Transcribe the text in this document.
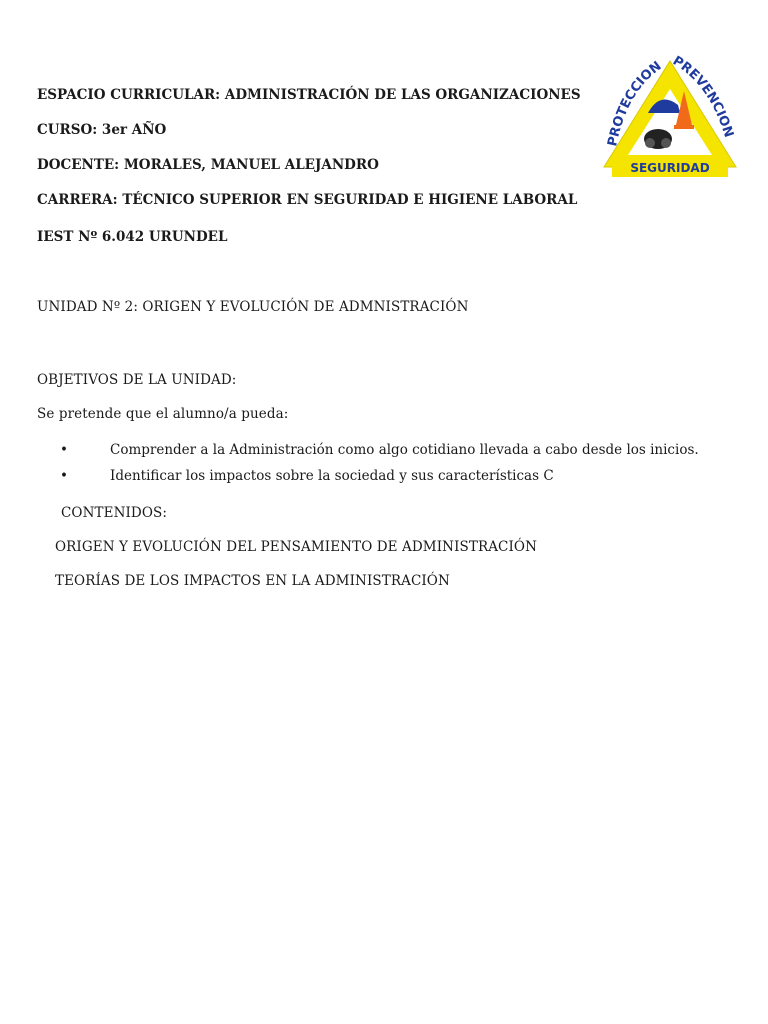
ESPACIO CURRICULAR: ADMINISTRACIÓN DE LAS ORGANIZACIONES
CURSO: 3er AÑO
DOCENTE: MORALES, MANUEL ALEJANDRO
CARRERA: TÉCNICO SUPERIOR EN SEGURIDAD E HIGIENE LABORAL
IEST Nº 6.042 URUNDEL
PROTECCION PREVENCION
SEGURIDAD
UNIDAD Nº 2: ORIGEN Y EVOLUCIÓN DE ADMNISTRACIÓN
OBJETIVOS DE LA UNIDAD:
Se pretende que el alumno/a pueda:
•	Comprender a la Administración como algo cotidiano llevada a cabo desde los inicios.
•	Identificar los impactos sobre la sociedad y sus características C
CONTENIDOS:
ORIGEN Y EVOLUCIÓN DEL PENSAMIENTO DE ADMINISTRACIÓN
TEORÍAS DE LOS IMPACTOS EN LA ADMINISTRACIÓN
